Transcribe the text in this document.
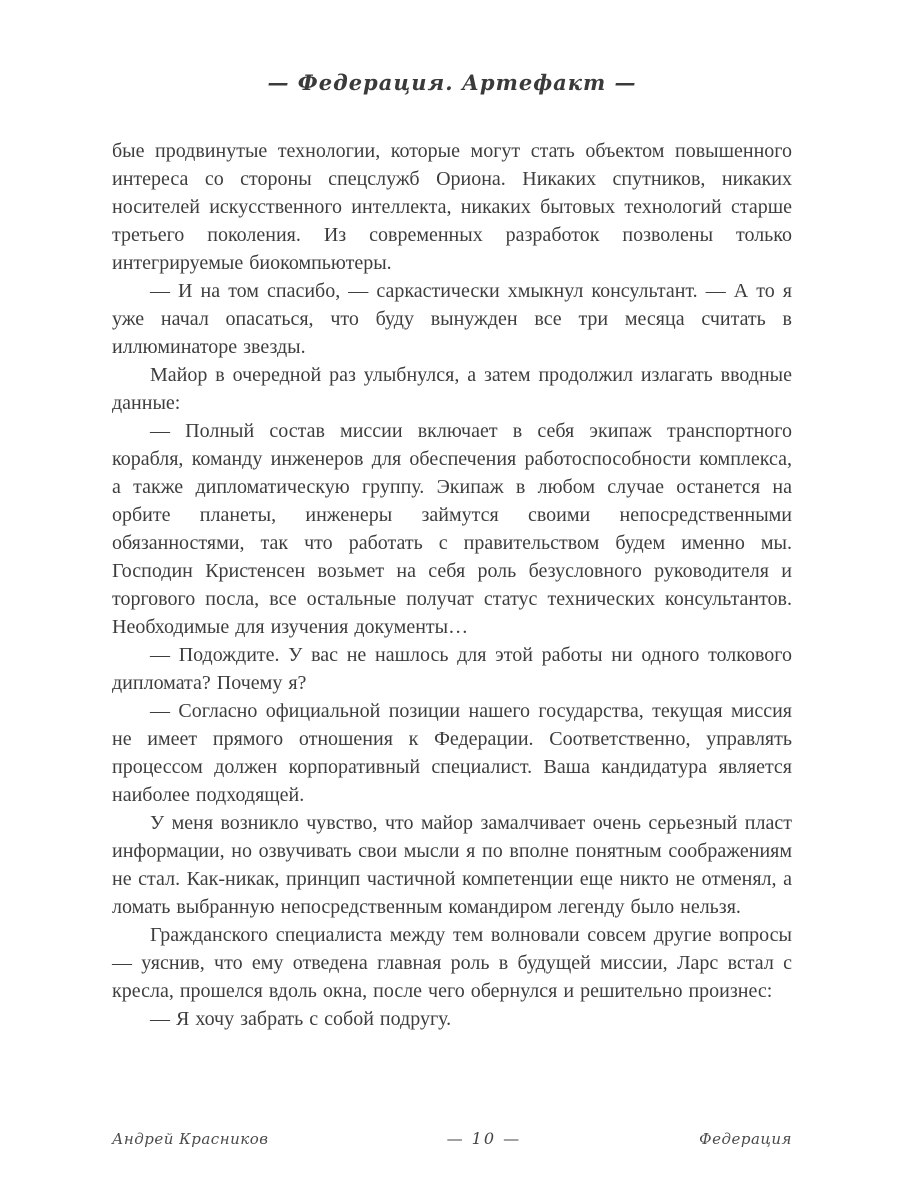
— Федерация. Артефакт —

бые продвинутые технологии, которые могут стать объектом повышенного интереса со стороны спецслужб Ориона. Никаких спутников, никаких носителей искусственного интеллекта, никаких бытовых технологий старше третьего поколения. Из современных разработок позволены только интегрируемые биокомпьютеры.

— И на том спасибо, — саркастически хмыкнул консультант. — А то я уже начал опасаться, что буду вынужден все три месяца считать в иллюминаторе звезды.

Майор в очередной раз улыбнулся, а затем продолжил излагать вводные данные:

— Полный состав миссии включает в себя экипаж транспортного корабля, команду инженеров для обеспечения работоспособности комплекса, а также дипломатическую группу. Экипаж в любом случае останется на орбите планеты, инженеры займутся своими непосредственными обязанностями, так что работать с правительством будем именно мы. Господин Кристенсен возьмет на себя роль безусловного руководителя и торгового посла, все остальные получат статус технических консультантов. Необходимые для изучения документы…

— Подождите. У вас не нашлось для этой работы ни одного толкового дипломата? Почему я?

— Согласно официальной позиции нашего государства, текущая миссия не имеет прямого отношения к Федерации. Соответственно, управлять процессом должен корпоративный специалист. Ваша кандидатура является наиболее подходящей.

У меня возникло чувство, что майор замалчивает очень серьезный пласт информации, но озвучивать свои мысли я по вполне понятным соображениям не стал. Как-никак, принцип частичной компетенции еще никто не отменял, а ломать выбранную непосредственным командиром легенду было нельзя.

Гражданского специалиста между тем волновали совсем другие вопросы — уяснив, что ему отведена главная роль в будущей миссии, Ларс встал с кресла, прошелся вдоль окна, после чего обернулся и решительно произнес:

— Я хочу забрать с собой подругу.

Андрей Красников	— 10 —	Федерация
